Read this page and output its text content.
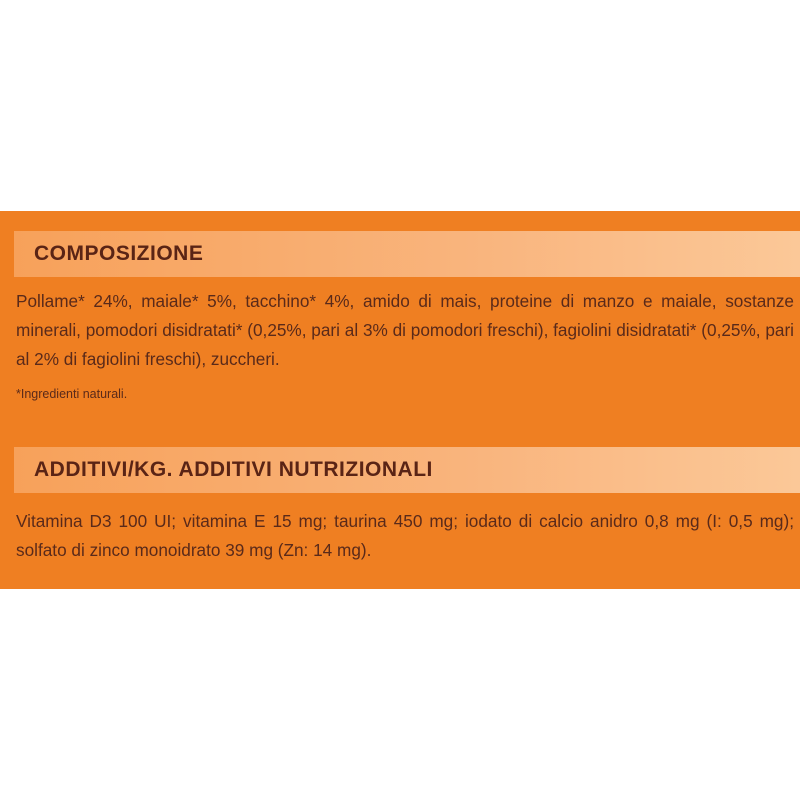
COMPOSIZIONE
Pollame* 24%, maiale* 5%, tacchino* 4%, amido di mais, proteine di manzo e maiale, sostanze minerali, pomodori disidratati* (0,25%, pari al 3% di pomodori freschi), fagiolini disidratati* (0,25%, pari al 2% di fagiolini freschi), zuccheri.
*Ingredienti naturali.
ADDITIVI/KG. ADDITIVI NUTRIZIONALI
Vitamina D3 100 UI; vitamina E 15 mg; taurina 450 mg; iodato di calcio anidro 0,8 mg (I: 0,5 mg); solfato di zinco monoidrato 39 mg (Zn: 14 mg).
